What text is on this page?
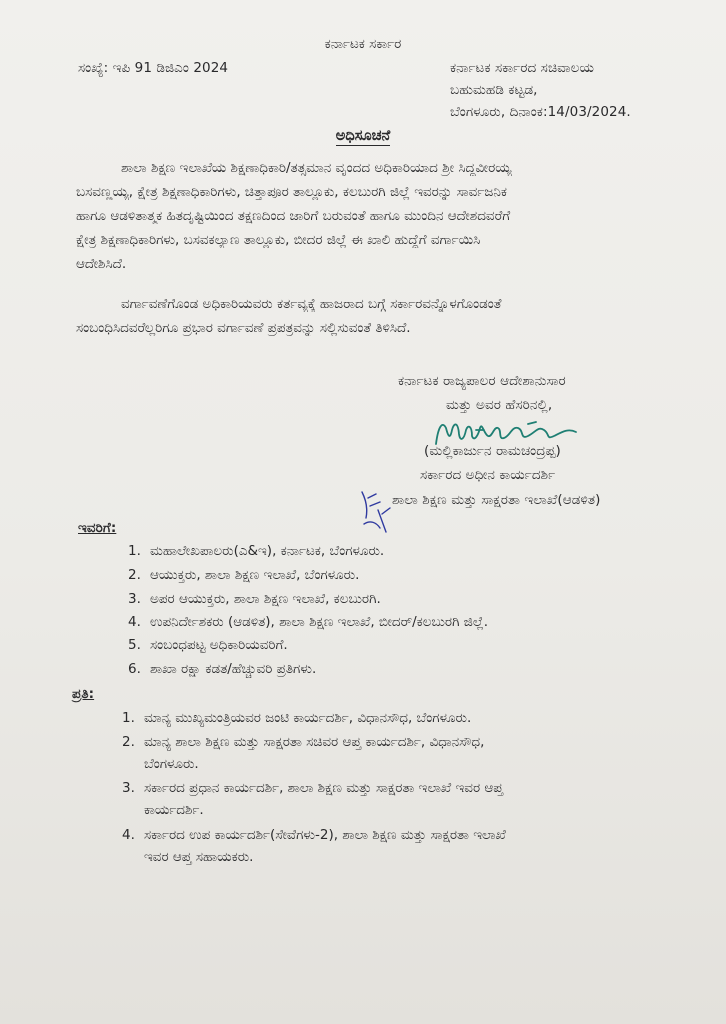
ಕರ್ನಾಟಕ ಸರ್ಕಾರ
ಸಂಖ್ಯೆ: ಇಪಿ 91 ಡಿಜಿಎಂ 2024	ಕರ್ನಾಟಕ ಸರ್ಕಾರದ ಸಚಿವಾಲಯ
ಬಹುಮಹಡಿ ಕಟ್ಟಡ,
ಬೆಂಗಳೂರು, ದಿನಾಂಕ:14/03/2024.
ಅಧಿಸೂಚನೆ
ಶಾಲಾ ಶಿಕ್ಷಣ ಇಲಾಖೆಯ ಶಿಕ್ಷಣಾಧಿಕಾರಿ/ತತ್ಸಮಾನ ವೃಂದದ ಅಧಿಕಾರಿಯಾದ ಶ್ರೀ ಸಿದ್ದವೀರಯ್ಯ
ಬಸವಣ್ಣಯ್ಯ, ಕ್ಷೇತ್ರ ಶಿಕ್ಷಣಾಧಿಕಾರಿಗಳು, ಚಿತ್ತಾಪೂರ ತಾಲ್ಲೂಕು, ಕಲಬುರಗಿ ಜಿಲ್ಲೆ ಇವರನ್ನು ಸಾರ್ವಜನಿಕ
ಹಾಗೂ ಆಡಳಿತಾತ್ಮಕ ಹಿತದೃಷ್ಟಿಯಿಂದ ತಕ್ಷಣದಿಂದ ಜಾರಿಗೆ ಬರುವಂತೆ ಹಾಗೂ ಮುಂದಿನ ಆದೇಶದವರೆಗೆ
ಕ್ಷೇತ್ರ ಶಿಕ್ಷಣಾಧಿಕಾರಿಗಳು, ಬಸವಕಲ್ಯಾಣ ತಾಲ್ಲೂಕು, ಬೀದರ ಜಿಲ್ಲೆ ಈ ಖಾಲಿ ಹುದ್ದೆಗೆ ವರ್ಗಾಯಿಸಿ
ಆದೇಶಿಸಿದೆ.
ವರ್ಗಾವಣೆಗೊಂಡ ಅಧಿಕಾರಿಯವರು ಕರ್ತವ್ಯಕ್ಕೆ ಹಾಜರಾದ ಬಗ್ಗೆ ಸರ್ಕಾರವನ್ನೊಳಗೊಂಡಂತೆ
ಸಂಬಂಧಿಸಿದವರೆಲ್ಲರಿಗೂ ಪ್ರಭಾರ ವರ್ಗಾವಣೆ ಪ್ರಪತ್ರವನ್ನು ಸಲ್ಲಿಸುವಂತೆ ತಿಳಿಸಿದೆ.
ಕರ್ನಾಟಕ ರಾಜ್ಯಪಾಲರ ಆದೇಶಾನುಸಾರ
ಮತ್ತು ಅವರ ಹೆಸರಿನಲ್ಲಿ,
(ಮಲ್ಲಿಕಾರ್ಜುನ ರಾಮಚಂದ್ರಪ್ಪ)
ಸರ್ಕಾರದ ಅಧೀನ ಕಾರ್ಯದರ್ಶಿ
ಶಾಲಾ ಶಿಕ್ಷಣ ಮತ್ತು ಸಾಕ್ಷರತಾ ಇಲಾಖೆ(ಆಡಳಿತ)
ಇವರಿಗೆ:
1. ಮಹಾಲೇಖಪಾಲರು(ಎ&ಇ), ಕರ್ನಾಟಕ, ಬೆಂಗಳೂರು.
2. ಆಯುಕ್ತರು, ಶಾಲಾ ಶಿಕ್ಷಣ ಇಲಾಖೆ, ಬೆಂಗಳೂರು.
3. ಅಪರ ಆಯುಕ್ತರು, ಶಾಲಾ ಶಿಕ್ಷಣ ಇಲಾಖೆ, ಕಲಬುರಗಿ.
4. ಉಪನಿರ್ದೇಶಕರು (ಆಡಳಿತ), ಶಾಲಾ ಶಿಕ್ಷಣ ಇಲಾಖೆ, ಬೀದರ್/ಕಲಬುರಗಿ ಜಿಲ್ಲೆ.
5. ಸಂಬಂಧಪಟ್ಟ ಅಧಿಕಾರಿಯವರಿಗೆ.
6. ಶಾಖಾ ರಕ್ಷಾ ಕಡತ/ಹೆಚ್ಚುವರಿ ಪ್ರತಿಗಳು.
ಪ್ರತಿ:
1. ಮಾನ್ಯ ಮುಖ್ಯಮಂತ್ರಿಯವರ ಜಂಟಿ ಕಾರ್ಯದರ್ಶಿ, ವಿಧಾನಸೌಧ, ಬೆಂಗಳೂರು.
2. ಮಾನ್ಯ ಶಾಲಾ ಶಿಕ್ಷಣ ಮತ್ತು ಸಾಕ್ಷರತಾ ಸಚಿವರ ಆಪ್ತ ಕಾರ್ಯದರ್ಶಿ, ವಿಧಾನಸೌಧ,
ಬೆಂಗಳೂರು.
3. ಸರ್ಕಾರದ ಪ್ರಧಾನ ಕಾರ್ಯದರ್ಶಿ, ಶಾಲಾ ಶಿಕ್ಷಣ ಮತ್ತು ಸಾಕ್ಷರತಾ ಇಲಾಖೆ ಇವರ ಆಪ್ತ
ಕಾರ್ಯದರ್ಶಿ.
4. ಸರ್ಕಾರದ ಉಪ ಕಾರ್ಯದರ್ಶಿ(ಸೇವೆಗಳು-2), ಶಾಲಾ ಶಿಕ್ಷಣ ಮತ್ತು ಸಾಕ್ಷರತಾ ಇಲಾಖೆ
ಇವರ ಆಪ್ತ ಸಹಾಯಕರು.
